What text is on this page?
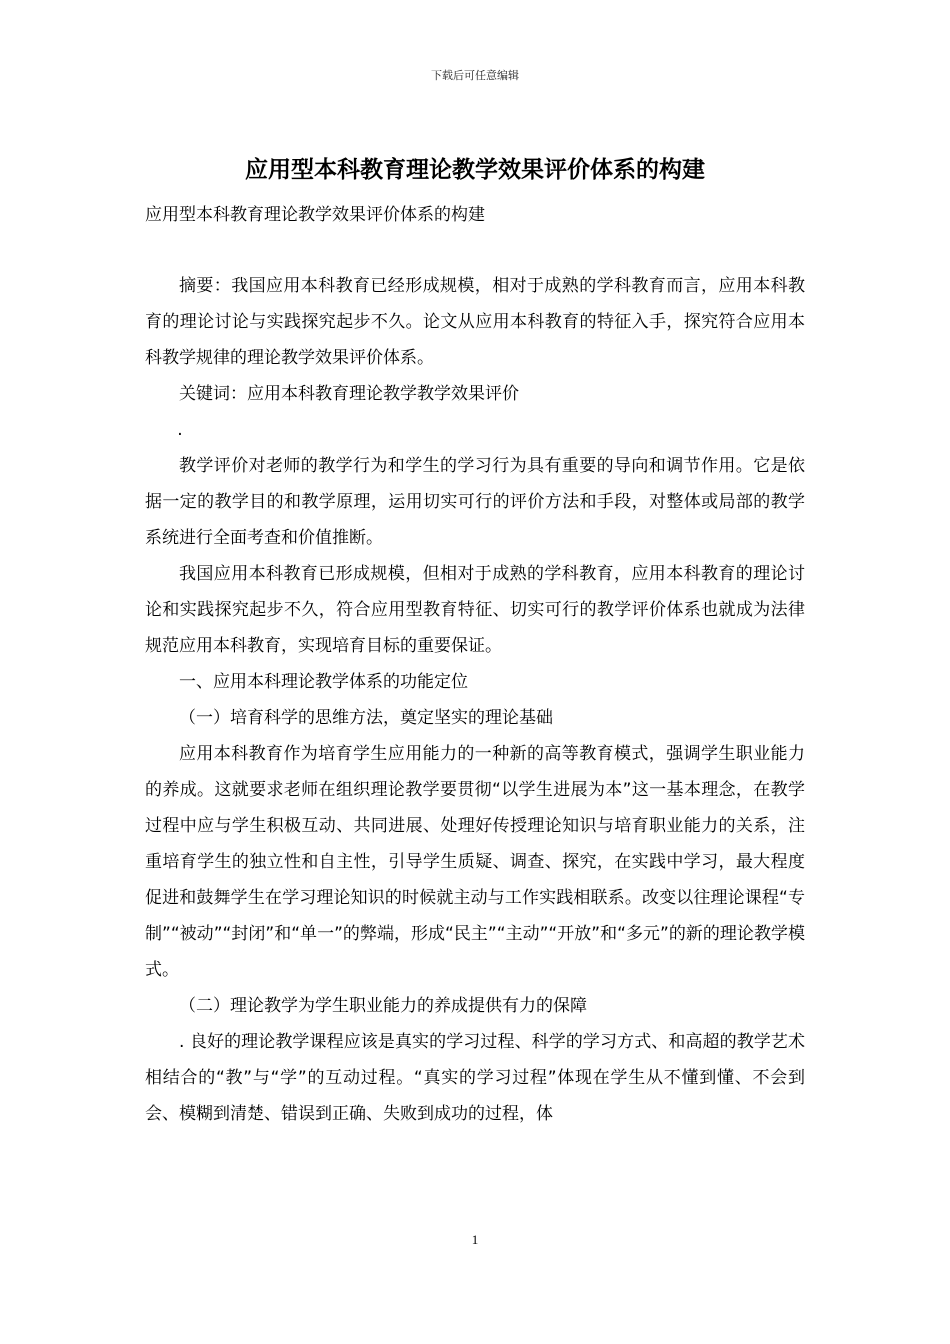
下载后可任意编辑
应用型本科教育理论教学效果评价体系的构建
应用型本科教育理论教学效果评价体系的构建

摘要：我国应用本科教育已经形成规模，相对于成熟的学科教育而言，应用本科教育的理论讨论与实践探究起步不久。论文从应用本科教育的特征入手，探究符合应用本科教学规律的理论教学效果评价体系。

关键词：应用本科教育理论教学教学效果评价

.

教学评价对老师的教学行为和学生的学习行为具有重要的导向和调节作用。它是依据一定的教学目的和教学原理，运用切实可行的评价方法和手段，对整体或局部的教学系统进行全面考查和价值推断。

我国应用本科教育已形成规模，但相对于成熟的学科教育，应用本科教育的理论讨论和实践探究起步不久，符合应用型教育特征、切实可行的教学评价体系也就成为法律规范应用本科教育，实现培育目标的重要保证。

一、应用本科理论教学体系的功能定位

（一）培育科学的思维方法，奠定坚实的理论基础

应用本科教育作为培育学生应用能力的一种新的高等教育模式，强调学生职业能力的养成。这就要求老师在组织理论教学要贯彻“以学生进展为本”这一基本理念，在教学过程中应与学生积极互动、共同进展、处理好传授理论知识与培育职业能力的关系，注重培育学生的独立性和自主性，引导学生质疑、调查、探究，在实践中学习，最大程度促进和鼓舞学生在学习理论知识的时候就主动与工作实践相联系。改变以往理论课程“专制”“被动”“封闭”和“单一”的弊端，形成“民主”“主动”“开放”和“多元”的新的理论教学模式。

（二）理论教学为学生职业能力的养成提供有力的保障

. 良好的理论教学课程应该是真实的学习过程、科学的学习方式、和高超的教学艺术相结合的“教”与“学”的互动过程。“真实的学习过程”体现在学生从不懂到懂、不会到会、模糊到清楚、错误到正确、失败到成功的过程，体

1
